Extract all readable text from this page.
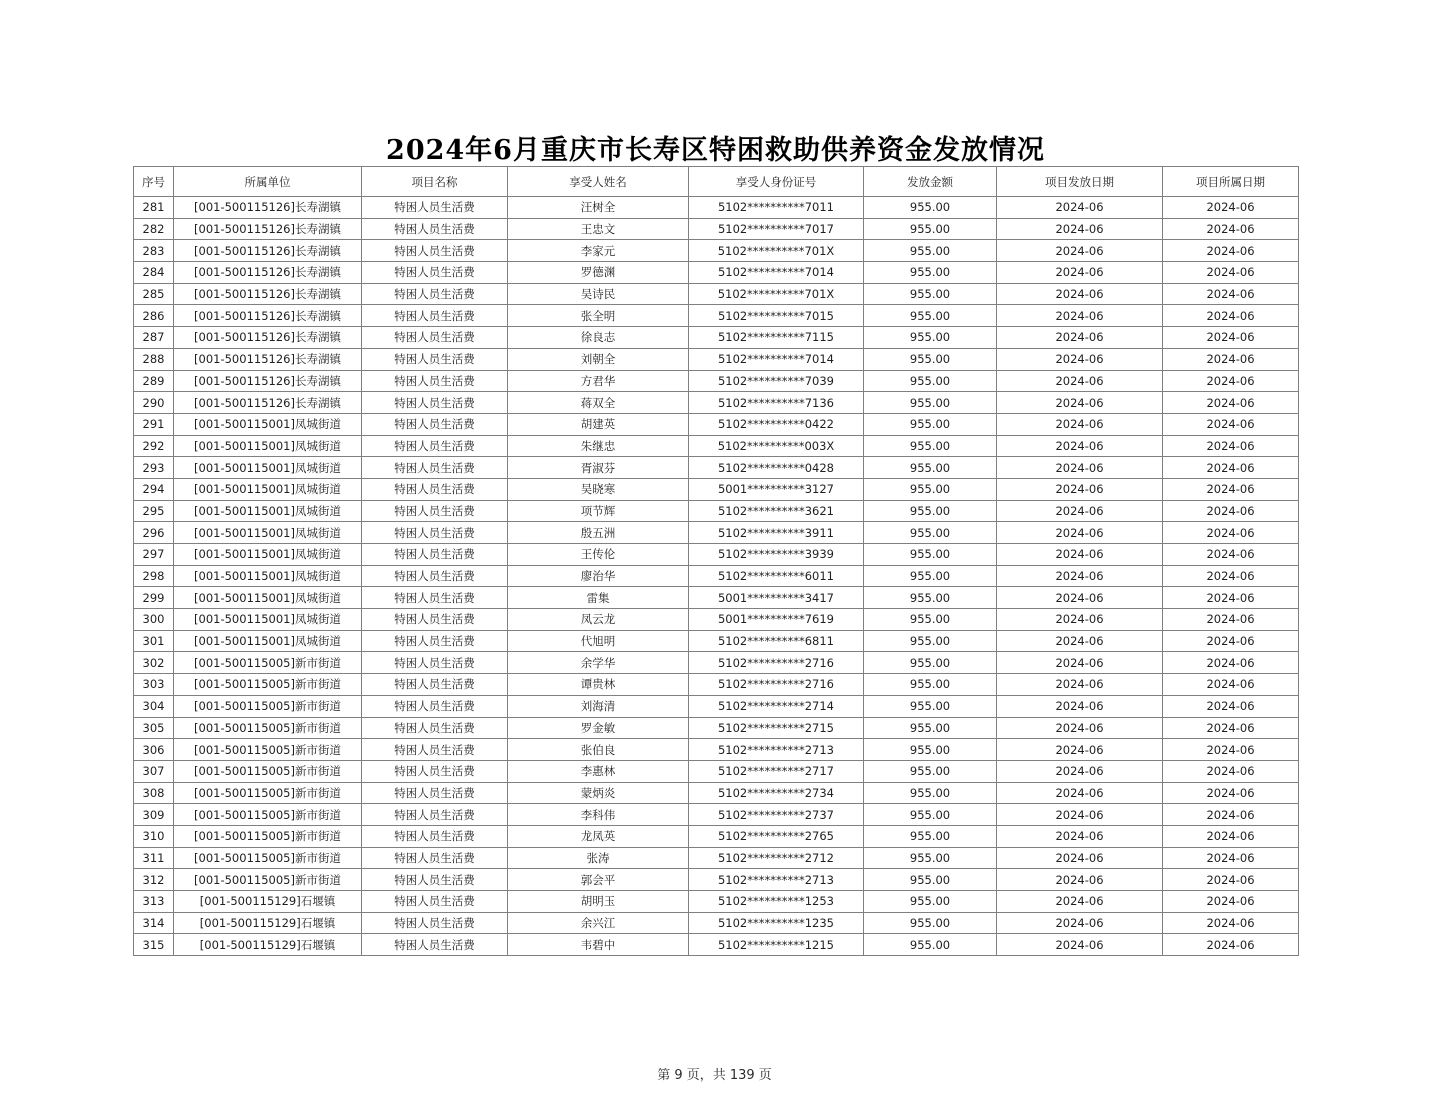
2024年6月重庆市长寿区特困救助供养资金发放情况
序号	所属单位	项目名称	享受人姓名	享受人身份证号	发放金额	项目发放日期	项目所属日期
281	[001-500115126]长寿湖镇	特困人员生活费	汪树全	5102**********7011	955.00	2024-06	2024-06
282	[001-500115126]长寿湖镇	特困人员生活费	王忠文	5102**********7017	955.00	2024-06	2024-06
283	[001-500115126]长寿湖镇	特困人员生活费	李家元	5102**********701X	955.00	2024-06	2024-06
284	[001-500115126]长寿湖镇	特困人员生活费	罗德渊	5102**********7014	955.00	2024-06	2024-06
285	[001-500115126]长寿湖镇	特困人员生活费	吴诗民	5102**********701X	955.00	2024-06	2024-06
286	[001-500115126]长寿湖镇	特困人员生活费	张全明	5102**********7015	955.00	2024-06	2024-06
287	[001-500115126]长寿湖镇	特困人员生活费	徐良志	5102**********7115	955.00	2024-06	2024-06
288	[001-500115126]长寿湖镇	特困人员生活费	刘朝全	5102**********7014	955.00	2024-06	2024-06
289	[001-500115126]长寿湖镇	特困人员生活费	方君华	5102**********7039	955.00	2024-06	2024-06
290	[001-500115126]长寿湖镇	特困人员生活费	蒋双全	5102**********7136	955.00	2024-06	2024-06
291	[001-500115001]凤城街道	特困人员生活费	胡建英	5102**********0422	955.00	2024-06	2024-06
292	[001-500115001]凤城街道	特困人员生活费	朱继忠	5102**********003X	955.00	2024-06	2024-06
293	[001-500115001]凤城街道	特困人员生活费	胥淑芬	5102**********0428	955.00	2024-06	2024-06
294	[001-500115001]凤城街道	特困人员生活费	吴晓寒	5001**********3127	955.00	2024-06	2024-06
295	[001-500115001]凤城街道	特困人员生活费	项节辉	5102**********3621	955.00	2024-06	2024-06
296	[001-500115001]凤城街道	特困人员生活费	殷五洲	5102**********3911	955.00	2024-06	2024-06
297	[001-500115001]凤城街道	特困人员生活费	王传伦	5102**********3939	955.00	2024-06	2024-06
298	[001-500115001]凤城街道	特困人员生活费	廖治华	5102**********6011	955.00	2024-06	2024-06
299	[001-500115001]凤城街道	特困人员生活费	雷集	5001**********3417	955.00	2024-06	2024-06
300	[001-500115001]凤城街道	特困人员生活费	凤云龙	5001**********7619	955.00	2024-06	2024-06
301	[001-500115001]凤城街道	特困人员生活费	代旭明	5102**********6811	955.00	2024-06	2024-06
302	[001-500115005]新市街道	特困人员生活费	余学华	5102**********2716	955.00	2024-06	2024-06
303	[001-500115005]新市街道	特困人员生活费	谭贵林	5102**********2716	955.00	2024-06	2024-06
304	[001-500115005]新市街道	特困人员生活费	刘海清	5102**********2714	955.00	2024-06	2024-06
305	[001-500115005]新市街道	特困人员生活费	罗金敏	5102**********2715	955.00	2024-06	2024-06
306	[001-500115005]新市街道	特困人员生活费	张伯良	5102**********2713	955.00	2024-06	2024-06
307	[001-500115005]新市街道	特困人员生活费	李惠林	5102**********2717	955.00	2024-06	2024-06
308	[001-500115005]新市街道	特困人员生活费	蒙炳炎	5102**********2734	955.00	2024-06	2024-06
309	[001-500115005]新市街道	特困人员生活费	李科伟	5102**********2737	955.00	2024-06	2024-06
310	[001-500115005]新市街道	特困人员生活费	龙凤英	5102**********2765	955.00	2024-06	2024-06
311	[001-500115005]新市街道	特困人员生活费	张涛	5102**********2712	955.00	2024-06	2024-06
312	[001-500115005]新市街道	特困人员生活费	郭会平	5102**********2713	955.00	2024-06	2024-06
313	[001-500115129]石堰镇	特困人员生活费	胡明玉	5102**********1253	955.00	2024-06	2024-06
314	[001-500115129]石堰镇	特困人员生活费	余兴江	5102**********1235	955.00	2024-06	2024-06
315	[001-500115129]石堰镇	特困人员生活费	韦碧中	5102**********1215	955.00	2024-06	2024-06
第 9 页，共 139 页
